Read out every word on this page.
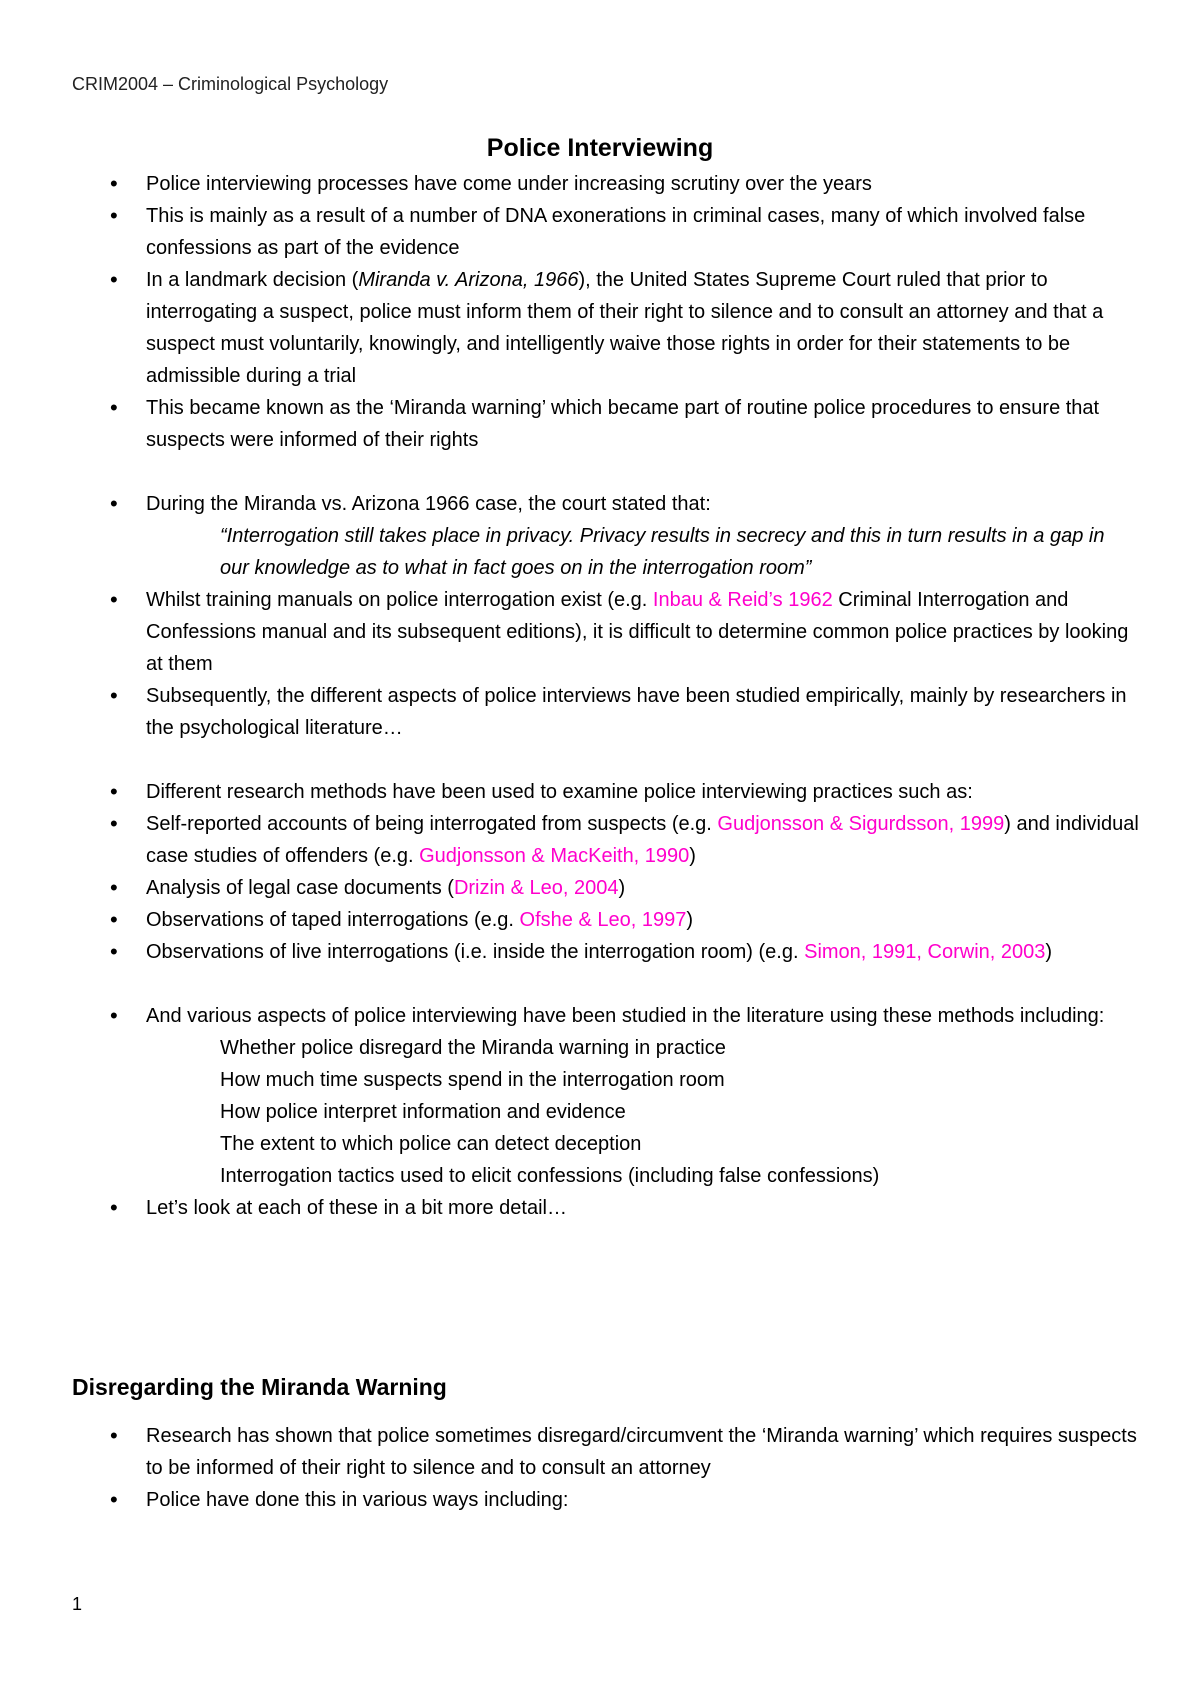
CRIM2004 – Criminological Psychology
Police Interviewing
• Police interviewing processes have come under increasing scrutiny over the years
• This is mainly as a result of a number of DNA exonerations in criminal cases, many of which involved false confessions as part of the evidence
• In a landmark decision (Miranda v. Arizona, 1966), the United States Supreme Court ruled that prior to interrogating a suspect, police must inform them of their right to silence and to consult an attorney and that a suspect must voluntarily, knowingly, and intelligently waive those rights in order for their statements to be admissible during a trial
• This became known as the ‘Miranda warning’ which became part of routine police procedures to ensure that suspects were informed of their rights
• During the Miranda vs. Arizona 1966 case, the court stated that:
“Interrogation still takes place in privacy. Privacy results in secrecy and this in turn results in a gap in our knowledge as to what in fact goes on in the interrogation room”
• Whilst training manuals on police interrogation exist (e.g. Inbau & Reid’s 1962 Criminal Interrogation and Confessions manual and its subsequent editions), it is difficult to determine common police practices by looking at them
• Subsequently, the different aspects of police interviews have been studied empirically, mainly by researchers in the psychological literature…
• Different research methods have been used to examine police interviewing practices such as:
• Self-reported accounts of being interrogated from suspects (e.g. Gudjonsson & Sigurdsson, 1999) and individual case studies of offenders (e.g. Gudjonsson & MacKeith, 1990)
• Analysis of legal case documents (Drizin & Leo, 2004)
• Observations of taped interrogations (e.g. Ofshe & Leo, 1997)
• Observations of live interrogations (i.e. inside the interrogation room) (e.g. Simon, 1991, Corwin, 2003)
• And various aspects of police interviewing have been studied in the literature using these methods including:
Whether police disregard the Miranda warning in practice
How much time suspects spend in the interrogation room
How police interpret information and evidence
The extent to which police can detect deception
Interrogation tactics used to elicit confessions (including false confessions)
• Let’s look at each of these in a bit more detail…
Disregarding the Miranda Warning
• Research has shown that police sometimes disregard/circumvent the ‘Miranda warning’ which requires suspects to be informed of their right to silence and to consult an attorney
• Police have done this in various ways including:
1
